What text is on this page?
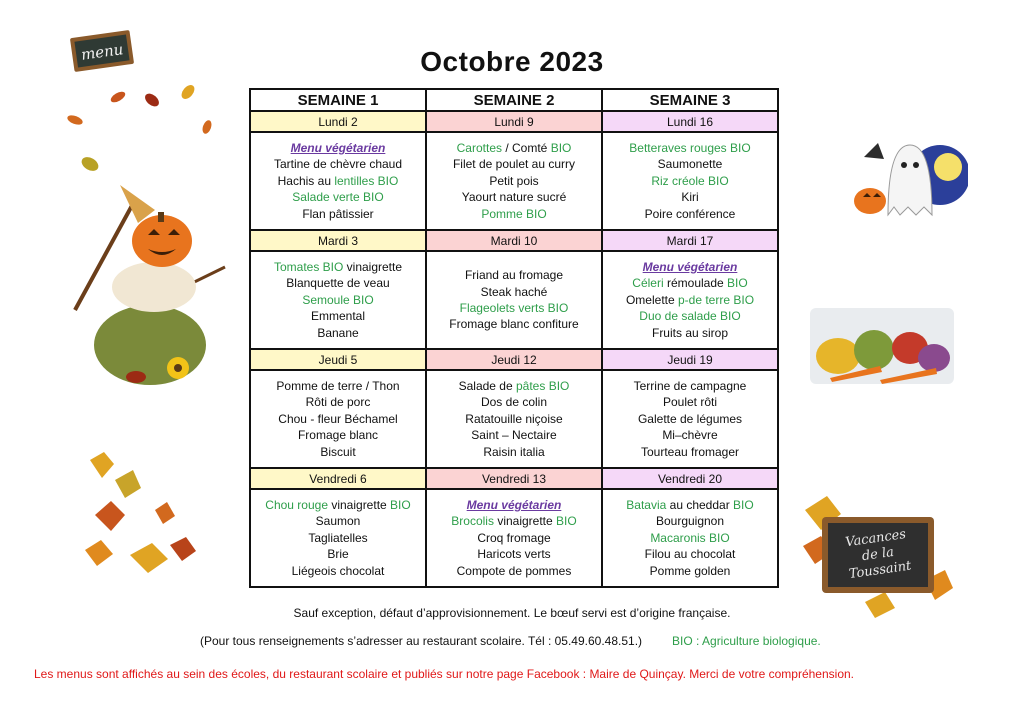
Octobre 2023
menu
Vacances
de la
Toussaint
SEMAINE 1	SEMAINE 2	SEMAINE 3
Lundi 2	Lundi 9	Lundi 16

Menu végétarien
Tartine de chèvre chaud
Hachis au lentilles BIO
Salade verte BIO
Flan pâtissier	Carottes / Comté BIO
Filet de poulet au curry
Petit pois
Yaourt nature sucré
Pomme BIO	Betteraves rouges BIO
Saumonette
Riz créole BIO
Kiri
Poire conférence

Mardi 3	Mardi 10	Mardi 17

Tomates BIO vinaigrette
Blanquette de veau
Semoule BIO
Emmental
Banane	Friand au fromage
Steak haché
Flageolets verts BIO
Fromage blanc confiture	Menu végétarien
Céleri rémoulade BIO
Omelette p-de terre BIO
Duo de salade BIO
Fruits au sirop

Jeudi 5	Jeudi 12	Jeudi 19

Pomme de terre / Thon
Rôti de porc
Chou - fleur Béchamel
Fromage blanc
Biscuit	Salade de pâtes BIO
Dos de colin
Ratatouille niçoise
Saint – Nectaire
Raisin italia	Terrine de campagne
Poulet rôti
Galette de légumes
Mi–chèvre
Tourteau fromager

Vendredi 6	Vendredi 13	Vendredi 20

Chou rouge vinaigrette BIO
Saumon
Tagliatelles
Brie
Liégeois chocolat	Menu végétarien
Brocolis vinaigrette BIO
Croq fromage
Haricots verts
Compote de pommes	Batavia au cheddar BIO
Bourguignon
Macaronis BIO
Filou au chocolat
Pomme golden
Sauf exception, défaut d’approvisionnement. Le bœuf servi est d’origine française.
(Pour tous renseignements s’adresser au restaurant scolaire. Tél : 05.49.60.48.51.) BIO : Agriculture biologique.
Les menus sont affichés au sein des écoles, du restaurant scolaire et publiés sur notre page Facebook : Maire de Quinçay. Merci de votre compréhension.
